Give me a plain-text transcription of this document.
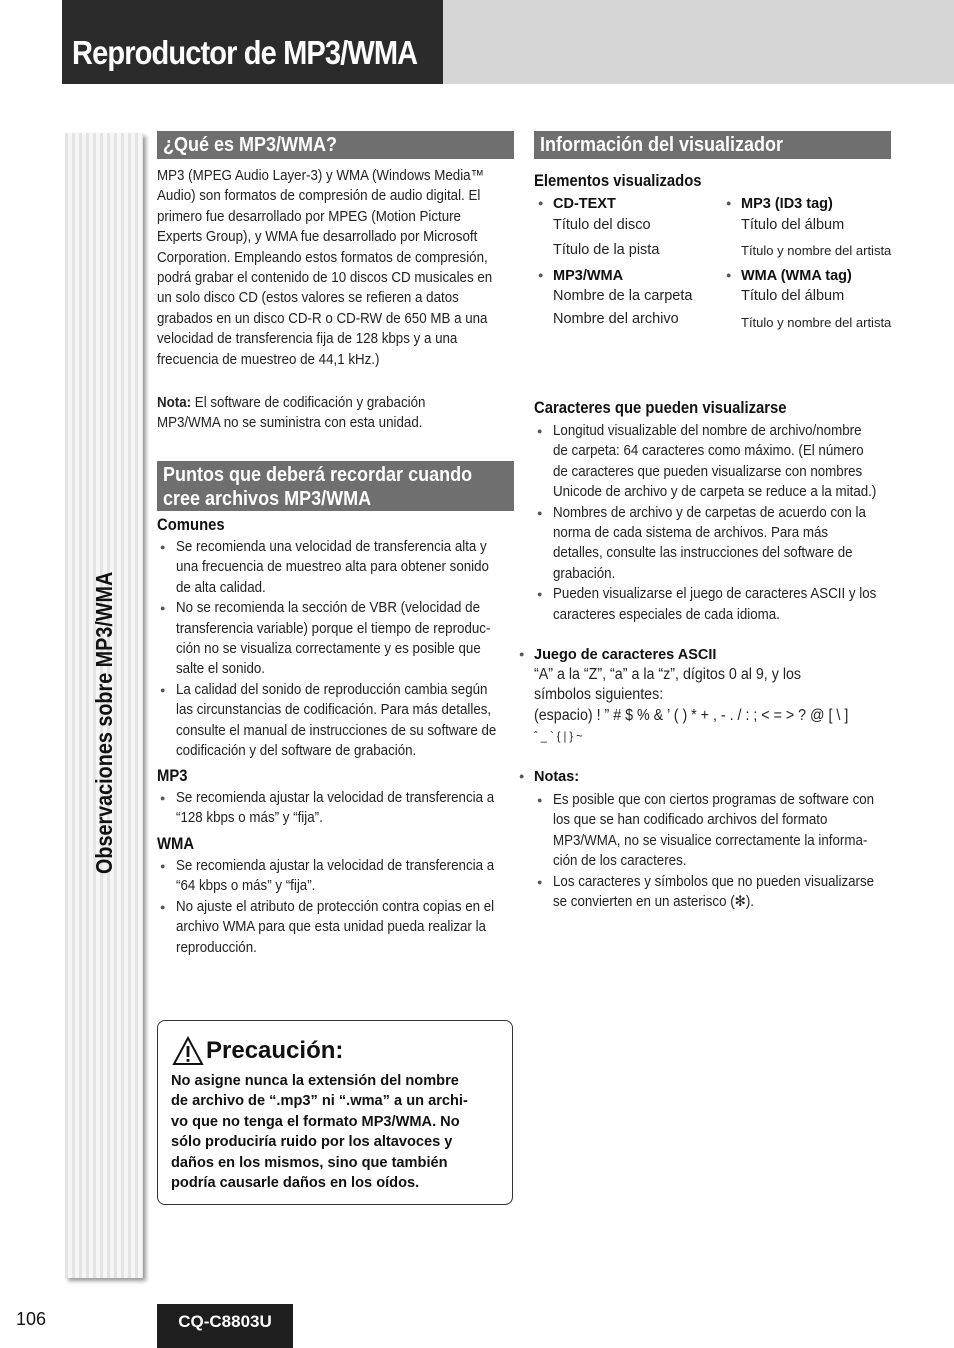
Reproductor de MP3/WMA
Observaciones sobre MP3/WMA
¿Qué es MP3/WMA?
MP3 (MPEG Audio Layer-3) y WMA (Windows Media™
Audio) son formatos de compresión de audio digital. El
primero fue desarrollado por MPEG (Motion Picture
Experts Group), y WMA fue desarrollado por Microsoft
Corporation. Empleando estos formatos de compresión,
podrá grabar el contenido de 10 discos CD musicales en
un solo disco CD (estos valores se refieren a datos
grabados en un disco CD-R o CD-RW de 650 MB a una
velocidad de transferencia fija de 128 kbps y a una
frecuencia de muestreo de 44,1 kHz.)
Nota: El software de codificación y grabación
MP3/WMA no se suministra con esta unidad.
Puntos que deberá recordar cuando
cree archivos MP3/WMA
Comunes
● Se recomienda una velocidad de transferencia alta y
una frecuencia de muestreo alta para obtener sonido
de alta calidad.
● No se recomienda la sección de VBR (velocidad de
transferencia variable) porque el tiempo de reproduc-
ción no se visualiza correctamente y es posible que
salte el sonido.
● La calidad del sonido de reproducción cambia según
las circunstancias de codificación. Para más detalles,
consulte el manual de instrucciones de su software de
codificación y del software de grabación.
MP3
● Se recomienda ajustar la velocidad de transferencia a
“128 kbps o más” y “fija”.
WMA
● Se recomienda ajustar la velocidad de transferencia a
“64 kbps o más” y “fija”.
● No ajuste el atributo de protección contra copias en el
archivo WMA para que esta unidad pueda realizar la
reproducción.
Precaución:
No asigne nunca la extensión del nombre
de archivo de “.mp3” ni “.wma” a un archi-
vo que no tenga el formato MP3/WMA. No
sólo produciría ruido por los altavoces y
daños en los mismos, sino que también
podría causarle daños en los oídos.
Información del visualizador
Elementos visualizados
● CD-TEXT
Título del disco
Título de la pista
● MP3/WMA
Nombre de la carpeta
Nombre del archivo
● MP3 (ID3 tag)
Título del álbum
Título y nombre del artista
● WMA (WMA tag)
Título del álbum
Título y nombre del artista
Caracteres que pueden visualizarse
● Longitud visualizable del nombre de archivo/nombre
de carpeta: 64 caracteres como máximo. (El número
de caracteres que pueden visualizarse con nombres
Unicode de archivo y de carpeta se reduce a la mitad.)
● Nombres de archivo y de carpetas de acuerdo con la
norma de cada sistema de archivos. Para más
detalles, consulte las instrucciones del software de
grabación.
● Pueden visualizarse el juego de caracteres ASCII y los
caracteres especiales de cada idioma.
● Juego de caracteres ASCII
“A” a la “Z”, “a” a la “z”, dígitos 0 al 9, y los
símbolos siguientes:
(espacio) ! ” # $ % & ’ ( ) * + , - . / : ; < = > ? @ [ \ ]
ˆ _ ` { | } ~
● Notas:
● Es posible que con ciertos programas de software con
los que se han codificado archivos del formato
MP3/WMA, no se visualice correctamente la informa-
ción de los caracteres.
● Los caracteres y símbolos que no pueden visualizarse
se convierten en un asterisco (✻).
106	CQ-C8803U
